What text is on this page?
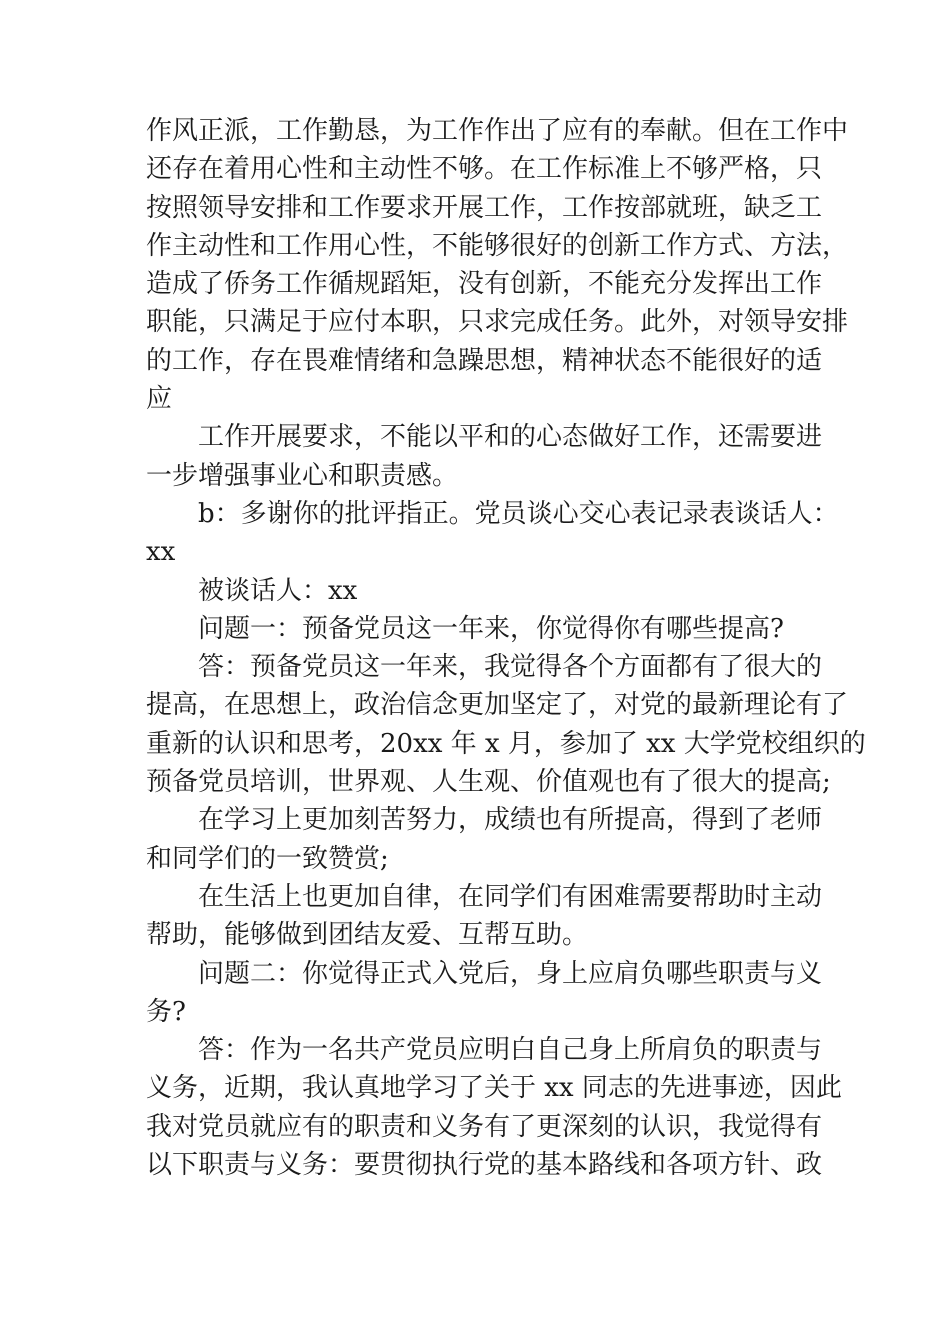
作风正派，工作勤恳，为工作作出了应有的奉献。但在工作中
还存在着用心性和主动性不够。在工作标准上不够严格，只
按照领导安排和工作要求开展工作，工作按部就班，缺乏工
作主动性和工作用心性，不能够很好的创新工作方式、方法，
造成了侨务工作循规蹈矩，没有创新，不能充分发挥出工作
职能，只满足于应付本职，只求完成任务。此外，对领导安排
的工作，存在畏难情绪和急躁思想，精神状态不能很好的适
应
工作开展要求，不能以平和的心态做好工作，还需要进
一步增强事业心和职责感。
b：多谢你的批评指正。党员谈心交心表记录表谈话人：
xx
被谈话人：xx
问题一：预备党员这一年来，你觉得你有哪些提高?
答：预备党员这一年来，我觉得各个方面都有了很大的
提高，在思想上，政治信念更加坚定了，对党的最新理论有了
重新的认识和思考，20xx 年 x 月，参加了 xx 大学党校组织的
预备党员培训，世界观、人生观、价值观也有了很大的提高;
在学习上更加刻苦努力，成绩也有所提高，得到了老师
和同学们的一致赞赏;
在生活上也更加自律，在同学们有困难需要帮助时主动
帮助，能够做到团结友爱、互帮互助。
问题二：你觉得正式入党后，身上应肩负哪些职责与义
务?
答：作为一名共产党员应明白自己身上所肩负的职责与
义务，近期，我认真地学习了关于 xx 同志的先进事迹，因此
我对党员就应有的职责和义务有了更深刻的认识，我觉得有
以下职责与义务：要贯彻执行党的基本路线和各项方针、政
